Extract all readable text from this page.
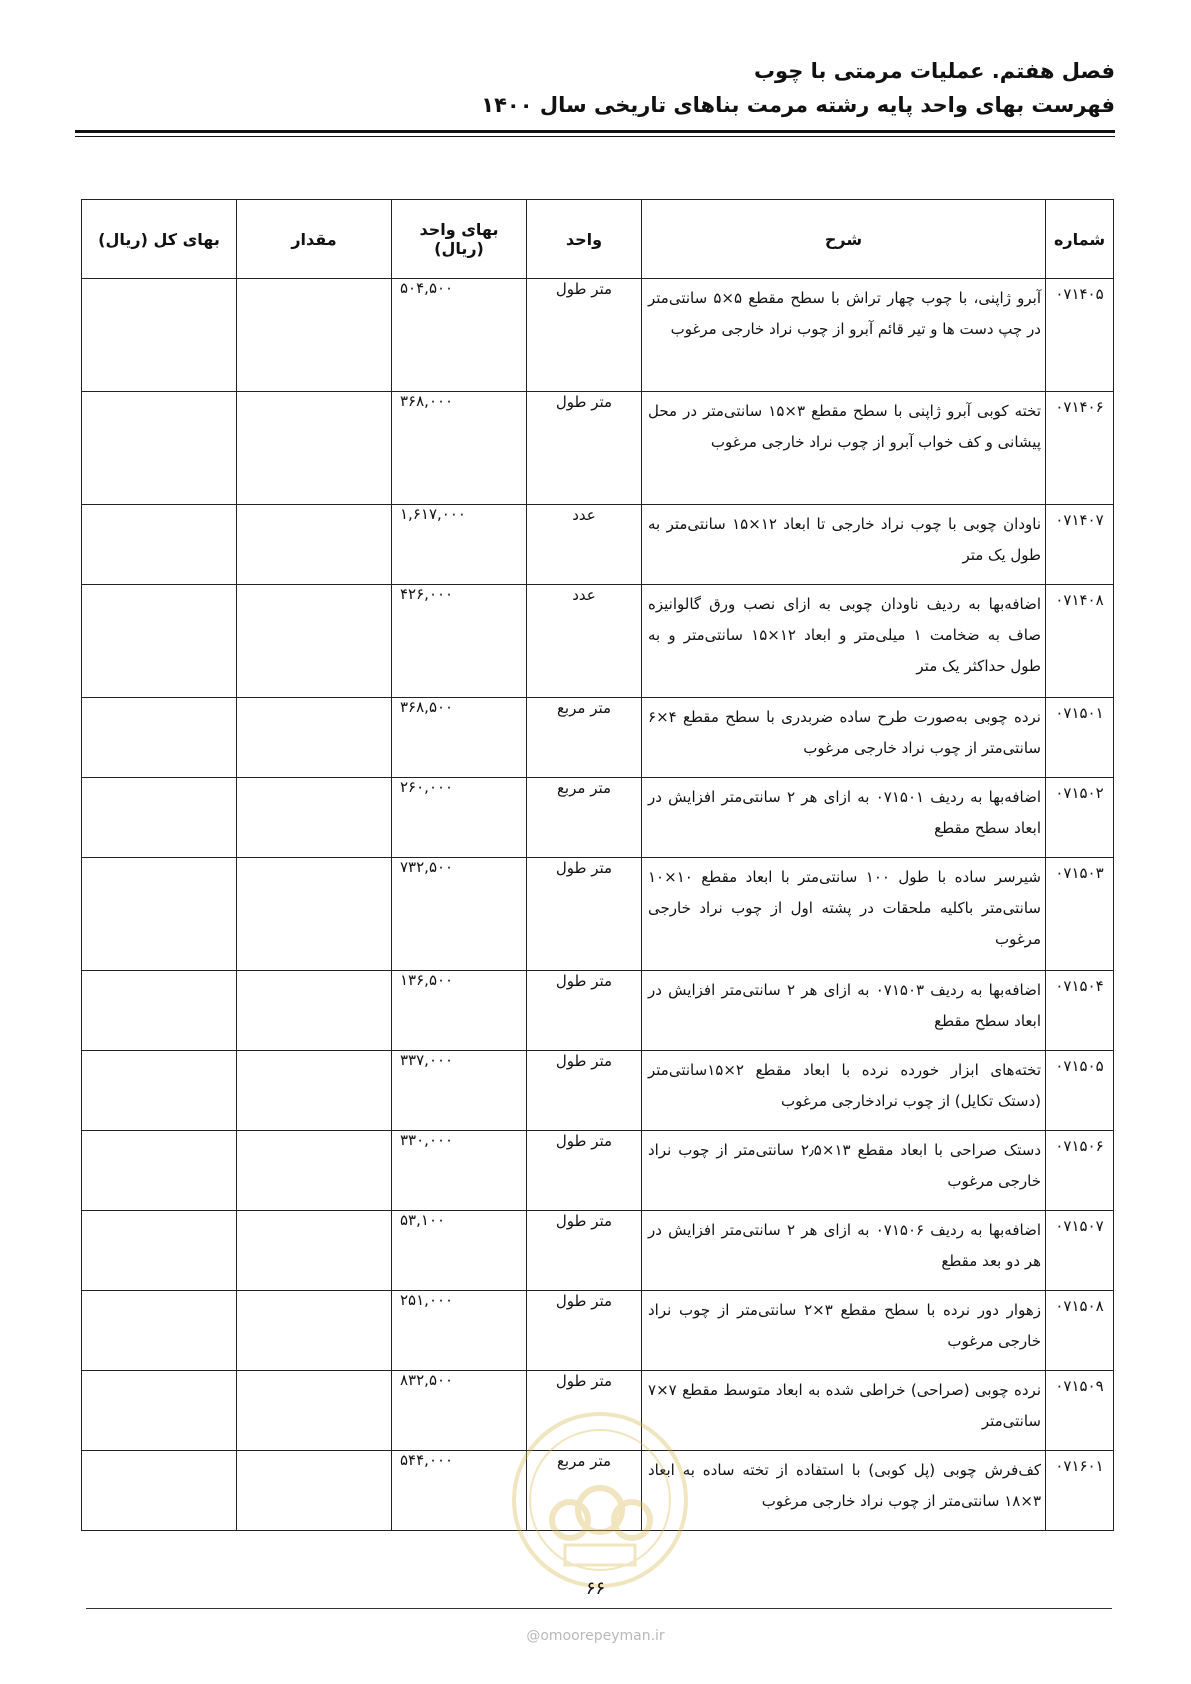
فصل هفتم. عملیات مرمتی با چوب
فهرست بهای واحد پایه رشته مرمت بناهای تاریخی سال ۱۴۰۰
شماره	شرح	واحد	بهای واحد (ریال)	مقدار	بهای کل (ریال)
۰۷۱۴۰۵	آبرو ژاپنی، با چوب چهار تراش با سطح مقطع ۵×۵ سانتی‌متر در چپ دست ها و تیر قائم آبرو از چوب نراد خارجی مرغوب	متر طول	۵۰۴,۵۰۰		
۰۷۱۴۰۶	تخته کوبی آبرو ژاپنی با سطح مقطع ۳×۱۵ سانتی‌متر در محل پیشانی و کف خواب آبرو از چوب نراد خارجی مرغوب	متر طول	۳۶۸,۰۰۰		
۰۷۱۴۰۷	ناودان چوبی با چوب نراد خارجی تا ابعاد ۱۲×۱۵ سانتی‌متر به طول یک متر	عدد	۱,۶۱۷,۰۰۰		
۰۷۱۴۰۸	اضافه‌بها به ردیف ناودان چوبی به ازای نصب ورق گالوانیزه صاف به ضخامت ۱ میلی‌متر و ابعاد ۱۲×۱۵ سانتی‌متر و به طول حداکثر یک متر	عدد	۴۲۶,۰۰۰		
۰۷۱۵۰۱	نرده چوبی به‌صورت طرح ساده ضربدری با سطح مقطع ۴×۶ سانتی‌متر از چوب نراد خارجی مرغوب	متر مربع	۳۶۸,۵۰۰		
۰۷۱۵۰۲	اضافه‌بها به ردیف ۰۷۱۵۰۱ به ازای هر ۲ سانتی‌متر افزایش در ابعاد سطح مقطع	متر مربع	۲۶۰,۰۰۰		
۰۷۱۵۰۳	شیرسر ساده با طول ۱۰۰ سانتی‌متر با ابعاد مقطع ۱۰×۱۰ سانتی‌متر باکلیه ملحقات در پشته اول از چوب نراد خارجی مرغوب	متر طول	۷۳۲,۵۰۰		
۰۷۱۵۰۴	اضافه‌بها به ردیف ۰۷۱۵۰۳ به ازای هر ۲ سانتی‌متر افزایش در ابعاد سطح مقطع	متر طول	۱۳۶,۵۰۰		
۰۷۱۵۰۵	تخته‌های ابزار خورده نرده با ابعاد مقطع ۲×۱۵سانتی‌متر (دستک تکایل) از چوب نرادخارجی مرغوب	متر طول	۳۳۷,۰۰۰		
۰۷۱۵۰۶	دستک صراحی با ابعاد مقطع ۱۳×۲٫۵ سانتی‌متر از چوب نراد خارجی مرغوب	متر طول	۳۳۰,۰۰۰		
۰۷۱۵۰۷	اضافه‌بها به ردیف ۰۷۱۵۰۶ به ازای هر ۲ سانتی‌متر افزایش در هر دو بعد مقطع	متر طول	۵۳,۱۰۰		
۰۷۱۵۰۸	زهوار دور نرده با سطح مقطع ۳×۲ سانتی‌متر از چوب نراد خارجی مرغوب	متر طول	۲۵۱,۰۰۰		
۰۷۱۵۰۹	نرده چوبی (صراحی) خراطی شده به ابعاد متوسط مقطع ۷×۷ سانتی‌متر	متر طول	۸۳۲,۵۰۰		
۰۷۱۶۰۱	کف‌فرش چوبی (پل کوبی) با استفاده از تخته ساده به ابعاد ۳×۱۸ سانتی‌متر از چوب نراد خارجی مرغوب	متر مربع	۵۴۴,۰۰۰		
۶۶
@omoorepeyman.ir
